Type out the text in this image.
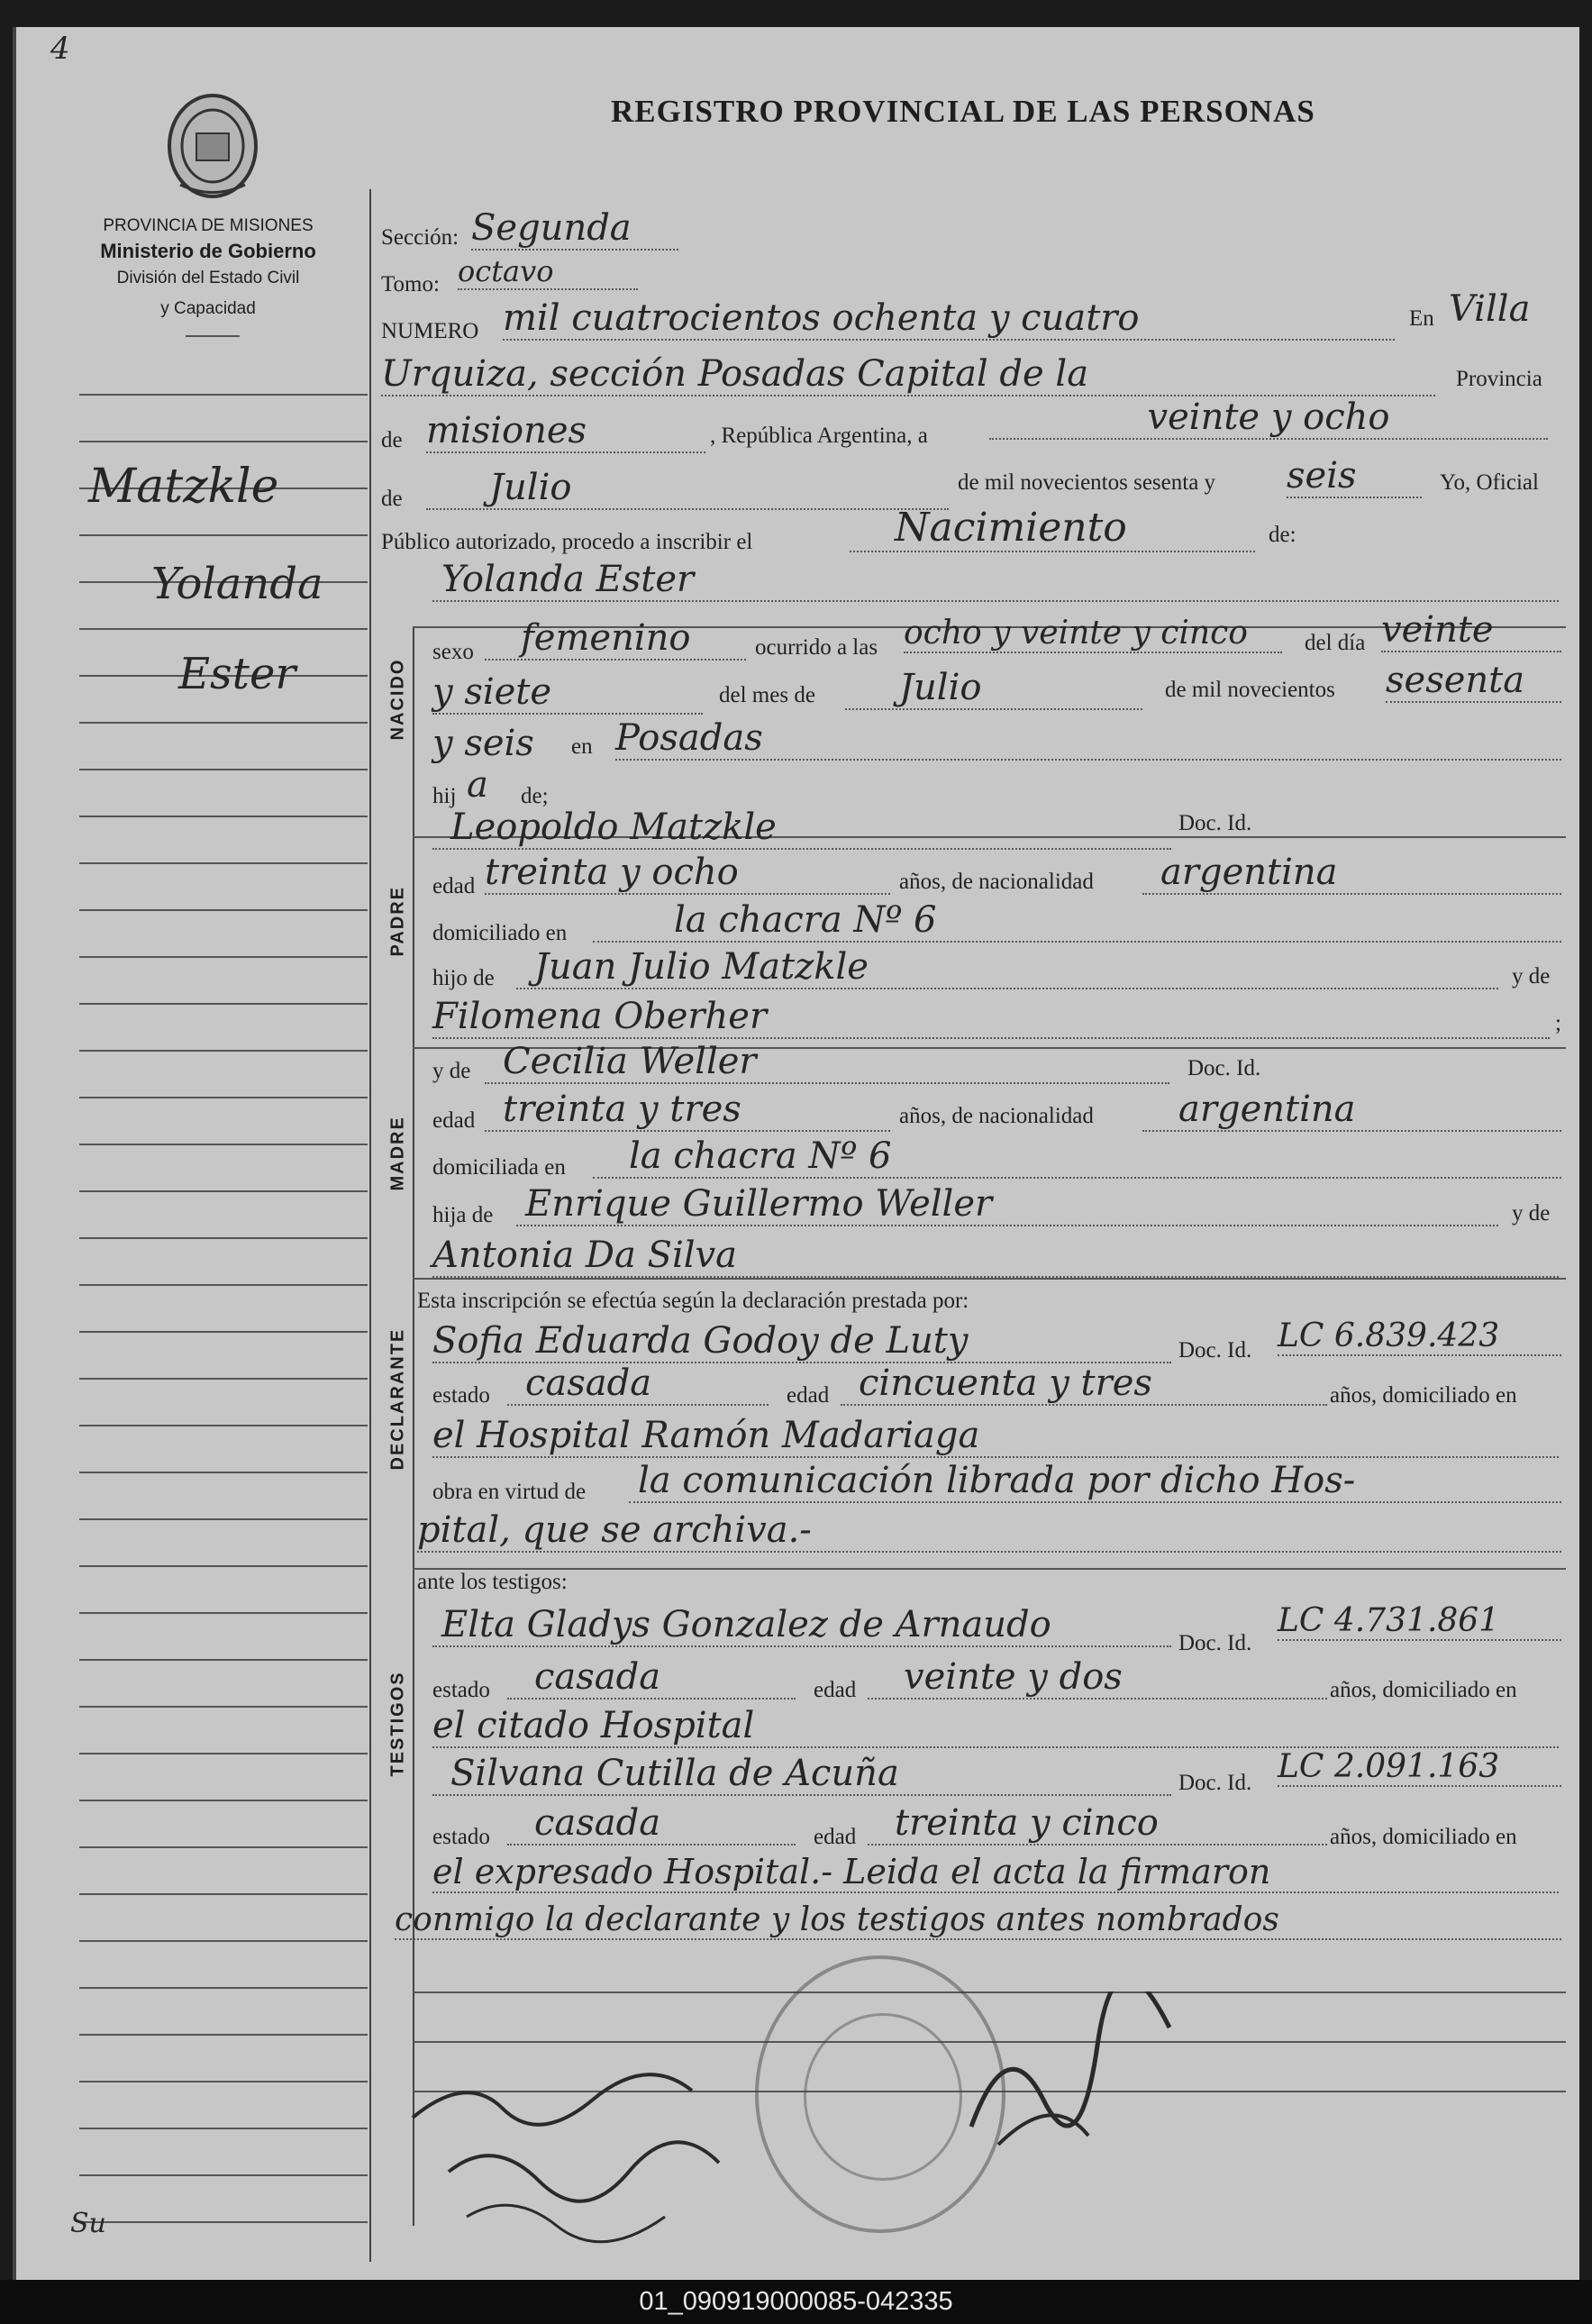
4
REGISTRO PROVINCIAL DE LAS PERSONAS
PROVINCIA DE MISIONES
Ministerio de Gobierno
División del Estado Civil
y Capacidad
Matzkle
Yolanda
Ester
Su
NACIDO
PADRE
MADRE
DECLARANTE
TESTIGOS
Sección: Segunda
Tomo: octavo
NUMERO mil cuatrocientos ochenta y cuatro	En Villa
Urquiza, sección Posadas Capital de la	Provincia
de misiones	, República Argentina, a	veinte y ocho
de	Julio	de mil novecientos sesenta y seis	Yo, Oficial
Público autorizado, procedo a inscribir el	Nacimiento	de:
Yolanda Ester
sexo	femenino	ocurrido a las ocho y veinte y cinco	del día veinte
y siete	del mes de	Julio	de mil novecientos sesenta
y seis en Posadas
hij a de;
Leopoldo Matzkle	Doc. Id.
edad treinta y ocho	años, de nacionalidad	argentina
domiciliado en	la chacra Nº 6
hijo de	Juan Julio Matzkle	y de
Filomena Oberher	;
y de Cecilia Weller	Doc. Id.
edad treinta y tres	años, de nacionalidad	argentina
domiciliada en	la chacra Nº 6
hija de Enrique Guillermo Weller	y de
Antonia Da Silva
Esta inscripción se efectúa según la declaración prestada por:
Sofia Eduarda Godoy de Luty	Doc. Id. LC 6.839.423
estado casada	edad cincuenta y tres	años, domiciliado en
el Hospital Ramón Madariaga
obra en virtud de la comunicación librada por dicho Hos-
pital, que se archiva.-
ante los testigos:
Elta Gladys Gonzalez de Arnaudo	Doc. Id.
LC 4.731.861
estado	casada	edad	veinte y dos	años, domiciliado en
el citado Hospital
Silvana Cutilla de Acuña	Doc. Id. LC 2.091.163
estado	casada	edad	treinta y cinco	años, domiciliado en
el expresado Hospital.- Leida el acta la firmaron
conmigo la declarante y los testigos antes nombrados
01_090919000085-042335
